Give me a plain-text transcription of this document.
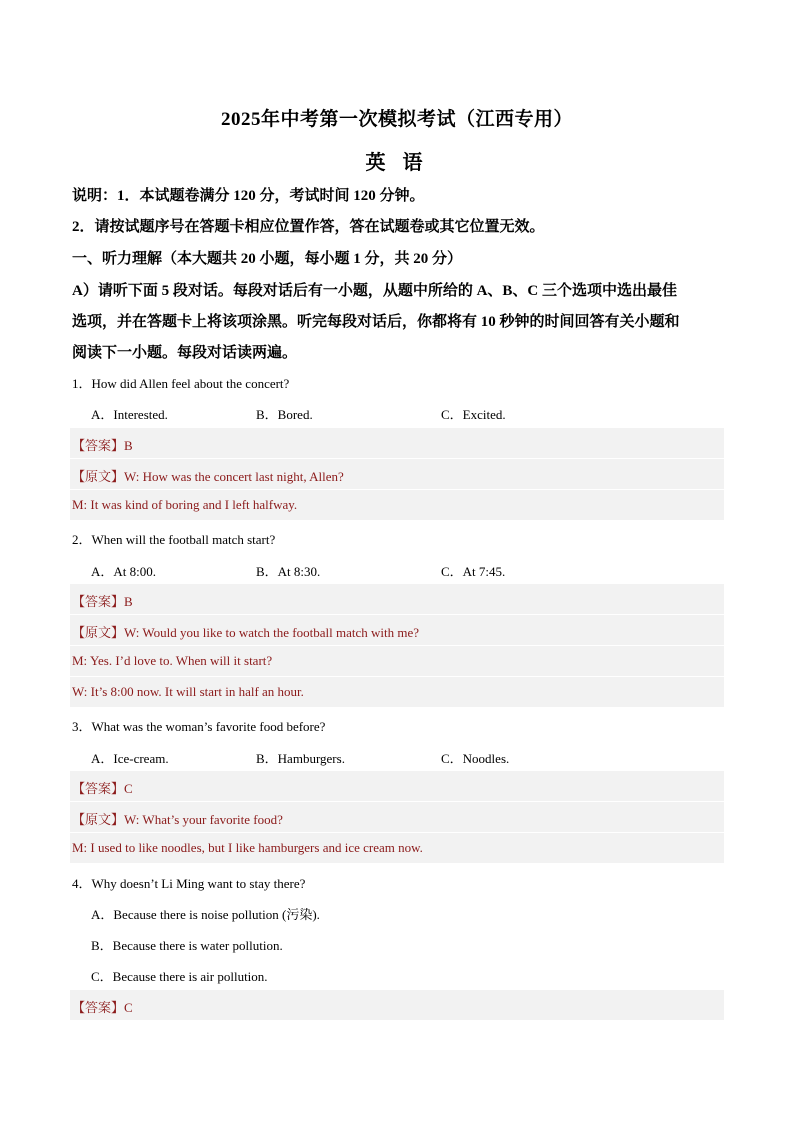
2025年中考第一次模拟考试（江西专用）
英 语
说明：1．本试题卷满分 120 分，考试时间 120 分钟。
2．请按试题序号在答题卡相应位置作答，答在试题卷或其它位置无效。
一、听力理解（本大题共 20 小题，每小题 1 分，共 20 分）
A）请听下面 5 段对话。每段对话后有一小题，从题中所给的 A、B、C 三个选项中选出最佳
选项，并在答题卡上将该项涂黑。听完每段对话后，你都将有 10 秒钟的时间回答有关小题和
阅读下一小题。每段对话读两遍。
1．How did Allen feel about the concert?
A．Interested.	B．Bored.	C．Excited.
【答案】B
【原文】W: How was the concert last night, Allen?
M: It was kind of boring and I left halfway.
2．When will the football match start?
A．At 8:00.	B．At 8:30.	C．At 7:45.
【答案】B
【原文】W: Would you like to watch the football match with me?
M: Yes. I’d love to. When will it start?
W: It’s 8:00 now. It will start in half an hour.
3．What was the woman’s favorite food before?
A．Ice-cream.	B．Hamburgers.	C．Noodles.
【答案】C
【原文】W: What’s your favorite food?
M: I used to like noodles, but I like hamburgers and ice cream now.
4．Why doesn’t Li Ming want to stay there?
A．Because there is noise pollution (污染).
B．Because there is water pollution.
C．Because there is air pollution.
【答案】C
